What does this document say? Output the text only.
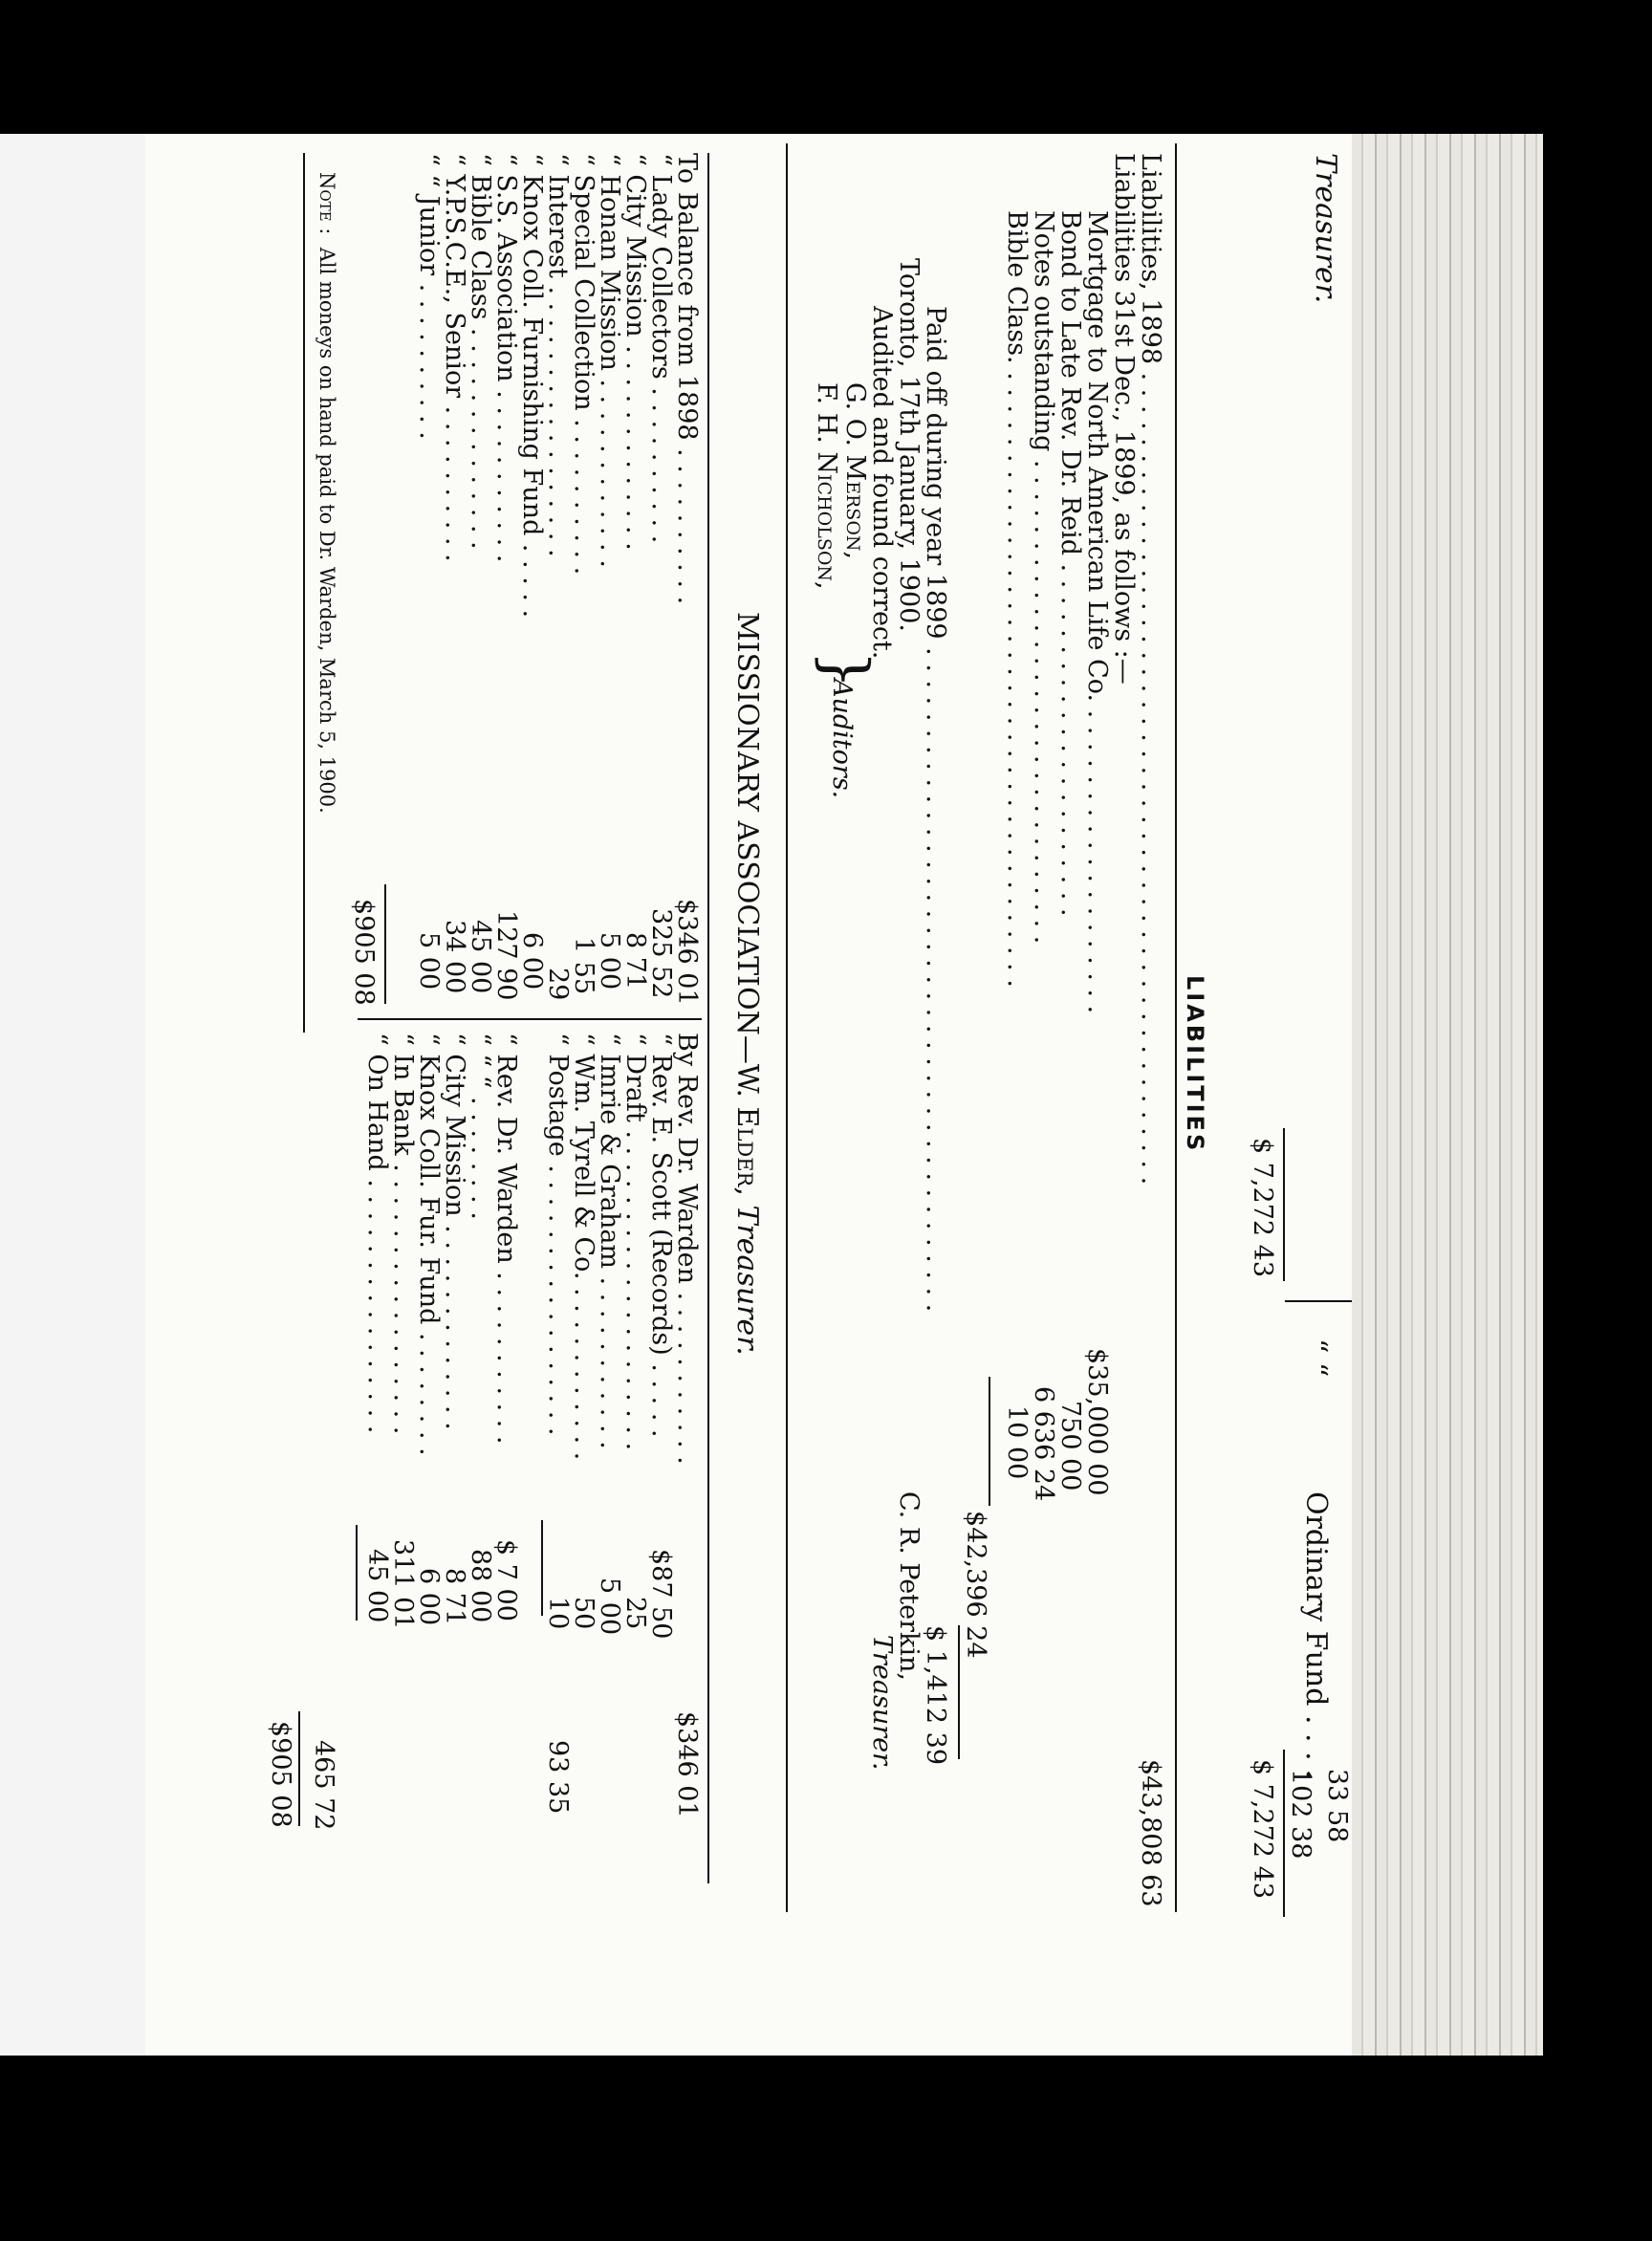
Treasurer.
$ 7,272 43
“ “
Ordinary Fund . . . .
33 58
102 38
$ 7,272 43
LIABILITIES
Liabilities, 1898 . . . . . . . . . . . . . . . . . . . . . . . . . . . . . . . . . . . . . . . . . . . . . . . . . .
$43,808 63
Liabilities 31st Dec., 1899, as follows :—
Mortgage to North American Life Co. . . . . . . . . . . . . . . . . . . .
$35,000 00
Bond to Late Rev. Dr. Reid . . . . . . . . . . . . . . . . . . . . . .
750 00
Notes outstanding . . . . . . . . . . . . . . . . . . . . . . . . . . . . . .
6 636 24
Bible Class. . . . . . . . . . . . . . . . . . . . . . . . . . . . . . . . . . . . . . .
10 00
$42,396 24
Paid off during year 1899 . . . . . . . . . . . . . . . . . . . . . . . . . . . . . . . . . . . . . . . . .
$ 1,412 39
Toronto, 17th January, 1900.
C. R. Peterkin,
Treasurer.
Audited and found correct.
G. O. Merson,
F. H. Nicholson,
}
Auditors.
MISSIONARY ASSOCIATION—W. Elder, Treasurer.
To Balance from 1898 . . . . . . . . . .
$346 01
“ Lady Collectors . . . . . . . . . .
325 52
“ City Mission . . . . . . . . . . . . .
8 71
“ Honan Mission . . . . . . . . . . . .
5 00
“ Special Collection . . . . . . . . . .
1 55
“ Interest . . . . . . . . . . . . . . . . .
29
“ Knox Coll. Furnishing Fund . . . . .
6 00
“ S.S. Association . . . . . . . . . . .
127 90
“ Bible Class . . . . . . . . . . . . . .
45 00
“ Y.P.S.C.E., Senior . . . . . . . . . .
34 00
“ “ Junior . . . . . . . . . .
5 00
$905 08
By Rev. Dr. Warden . . . . . . . . . . .
$346 01
“ Rev. E. Scott (Records) . . . . .
$87 50
“ Draft . . . . . . . . . . . . . . . . . . . .
25
“ Imrie & Graham . . . . . . . . . . .
5 00
“ Wm. Tyrell & Co. . . . . . . . . . . .
50
“ Postage . . . . . . . . . . . . . . . . .
10
93 35
“ Rev. Dr. Warden . . . . . . . . . . .
$ 7 00
“ “ “ . . . . . . . .
88 00
“ City Mission . . . . . . . . . . . . .
8 71
“ Knox Coll. Fur. Fund . . . . . . . .
6 00
“ In Bank . . . . . . . . . . . . . . . . .
311 01
“ On Hand . . . . . . . . . . . . . . . .
45 00
465 72
$905 08
Note :  All moneys on hand paid to Dr. Warden, March 5, 1900.
